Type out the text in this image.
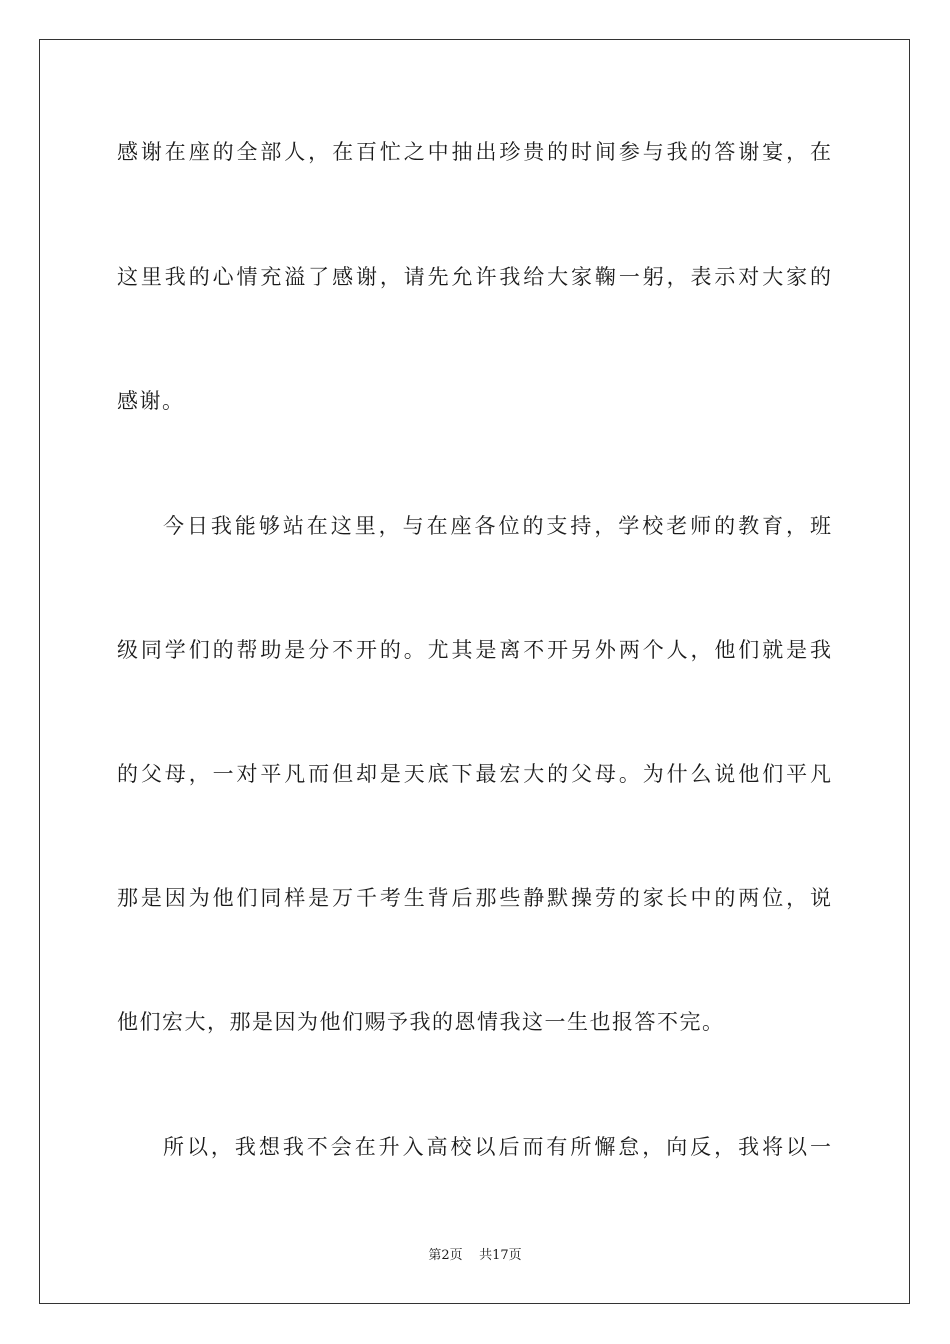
感谢在座的全部人，在百忙之中抽出珍贵的时间参与我的答谢宴，在
这里我的心情充溢了感谢，请先允许我给大家鞠一躬，表示对大家的
感谢。
今日我能够站在这里，与在座各位的支持，学校老师的教育，班
级同学们的帮助是分不开的。尤其是离不开另外两个人，他们就是我
的父母，一对平凡而但却是天底下最宏大的父母。为什么说他们平凡
那是因为他们同样是万千考生背后那些静默操劳的家长中的两位，说
他们宏大，那是因为他们赐予我的恩情我这一生也报答不完。
所以，我想我不会在升入高校以后而有所懈怠，向反，我将以一
第2页 共17页
